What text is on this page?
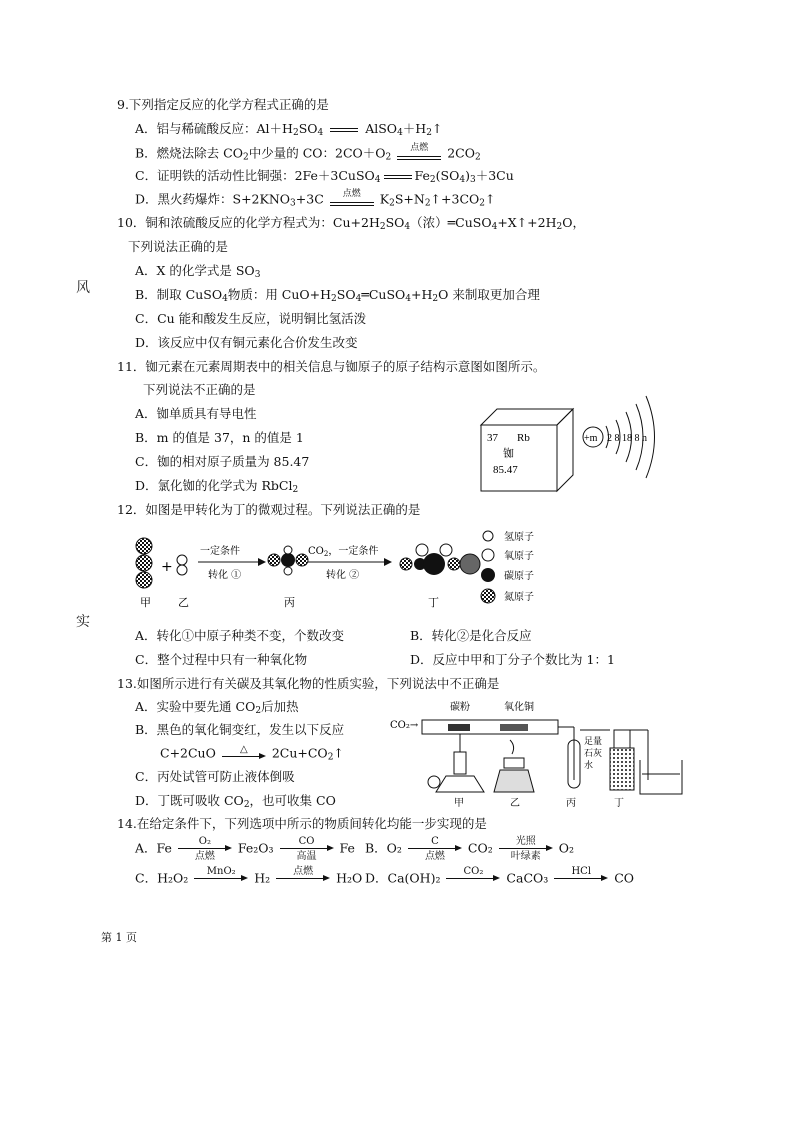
风
实
9.下列指定反应的化学方程式正确的是
A．铝与稀硫酸反应：$Al+H_2SO_4$	$AlSO_4+H_2↑$
B．燃烧法除去 $CO_2$中少量的 CO：$2CO+O_2$
点燃	$2CO_2$
C．证明铁的活动性比铜强：2Fe＋3CuSO$_4$	$Fe_2(SO_4)_3+3Cu$
D．黑火药爆炸：$S+2KNO_3+3C$	点燃	$K_2S+N_2↑+3CO_2↑$
10．铜和浓硫酸反应的化学方程式为：$Cu+2H_2SO_4$（浓）$═CuSO_4+X↑+2H_2O$，
下列说法正确的是
A．X 的化学式是 $SO_3$
B．制取 CuSO$_4$物质：用 $CuO+H_2SO_4═CuSO_4+H_2O$ 来制取更加合理
C．Cu 能和酸发生反应，说明铜比氢活泼
D．该反应中仅有铜元素化合价发生改变
11．铷元素在元素周期表中的相关信息与铷原子的原子结构示意图如图所示。
下列说法不正确的是
A．铷单质具有导电性
B．m 的值是 37，n 的值是 1
C．铷的相对原子质量为 85.47
D．氯化铷的化学式为 RbCl$_2$
37 Rb
铷
85.47
+m 2 8 18 8 n
12．如图是甲转化为丁的微观过程。下列说法正确的是
+
一定条件
转化 ①
$CO_2$，一定条件
转化 ②
甲 乙	丙	丁
氢原子
氧原子
碳原子
氮原子
A．转化①中原子种类不变，个数改变	B．转化②是化合反应
C．整个过程中只有一种氧化物	D．反应中甲和丁分子个数比为 1：1
13.如图所示进行有关碳及其氧化物的性质实验，下列说法中不正确是
A．实验中要先通 $CO_2$后加热
B．黑色的氧化铜变红，发生以下反应
C+2CuO	△	$2Cu+CO_2↑$
C．丙处试管可防止液体倒吸
D．丁既可吸收 $CO_2$，也可收集 CO
CO₂→
碳粉	氧化铜
足量
石灰
水
甲	乙	丙	丁
14.在给定条件下，下列选项中所示的物质间转化均能一步实现的是
A．Fe	O₂
点燃
Fe₂O₃	CO
高温
Fe B．O₂	C
点燃
CO₂	光照
叶绿素
O₂
C．H₂O₂	MnO₂	H₂	点燃	H₂O D．Ca(OH)₂	CO₂	CaCO₃	HCl	CO
第 1 页
